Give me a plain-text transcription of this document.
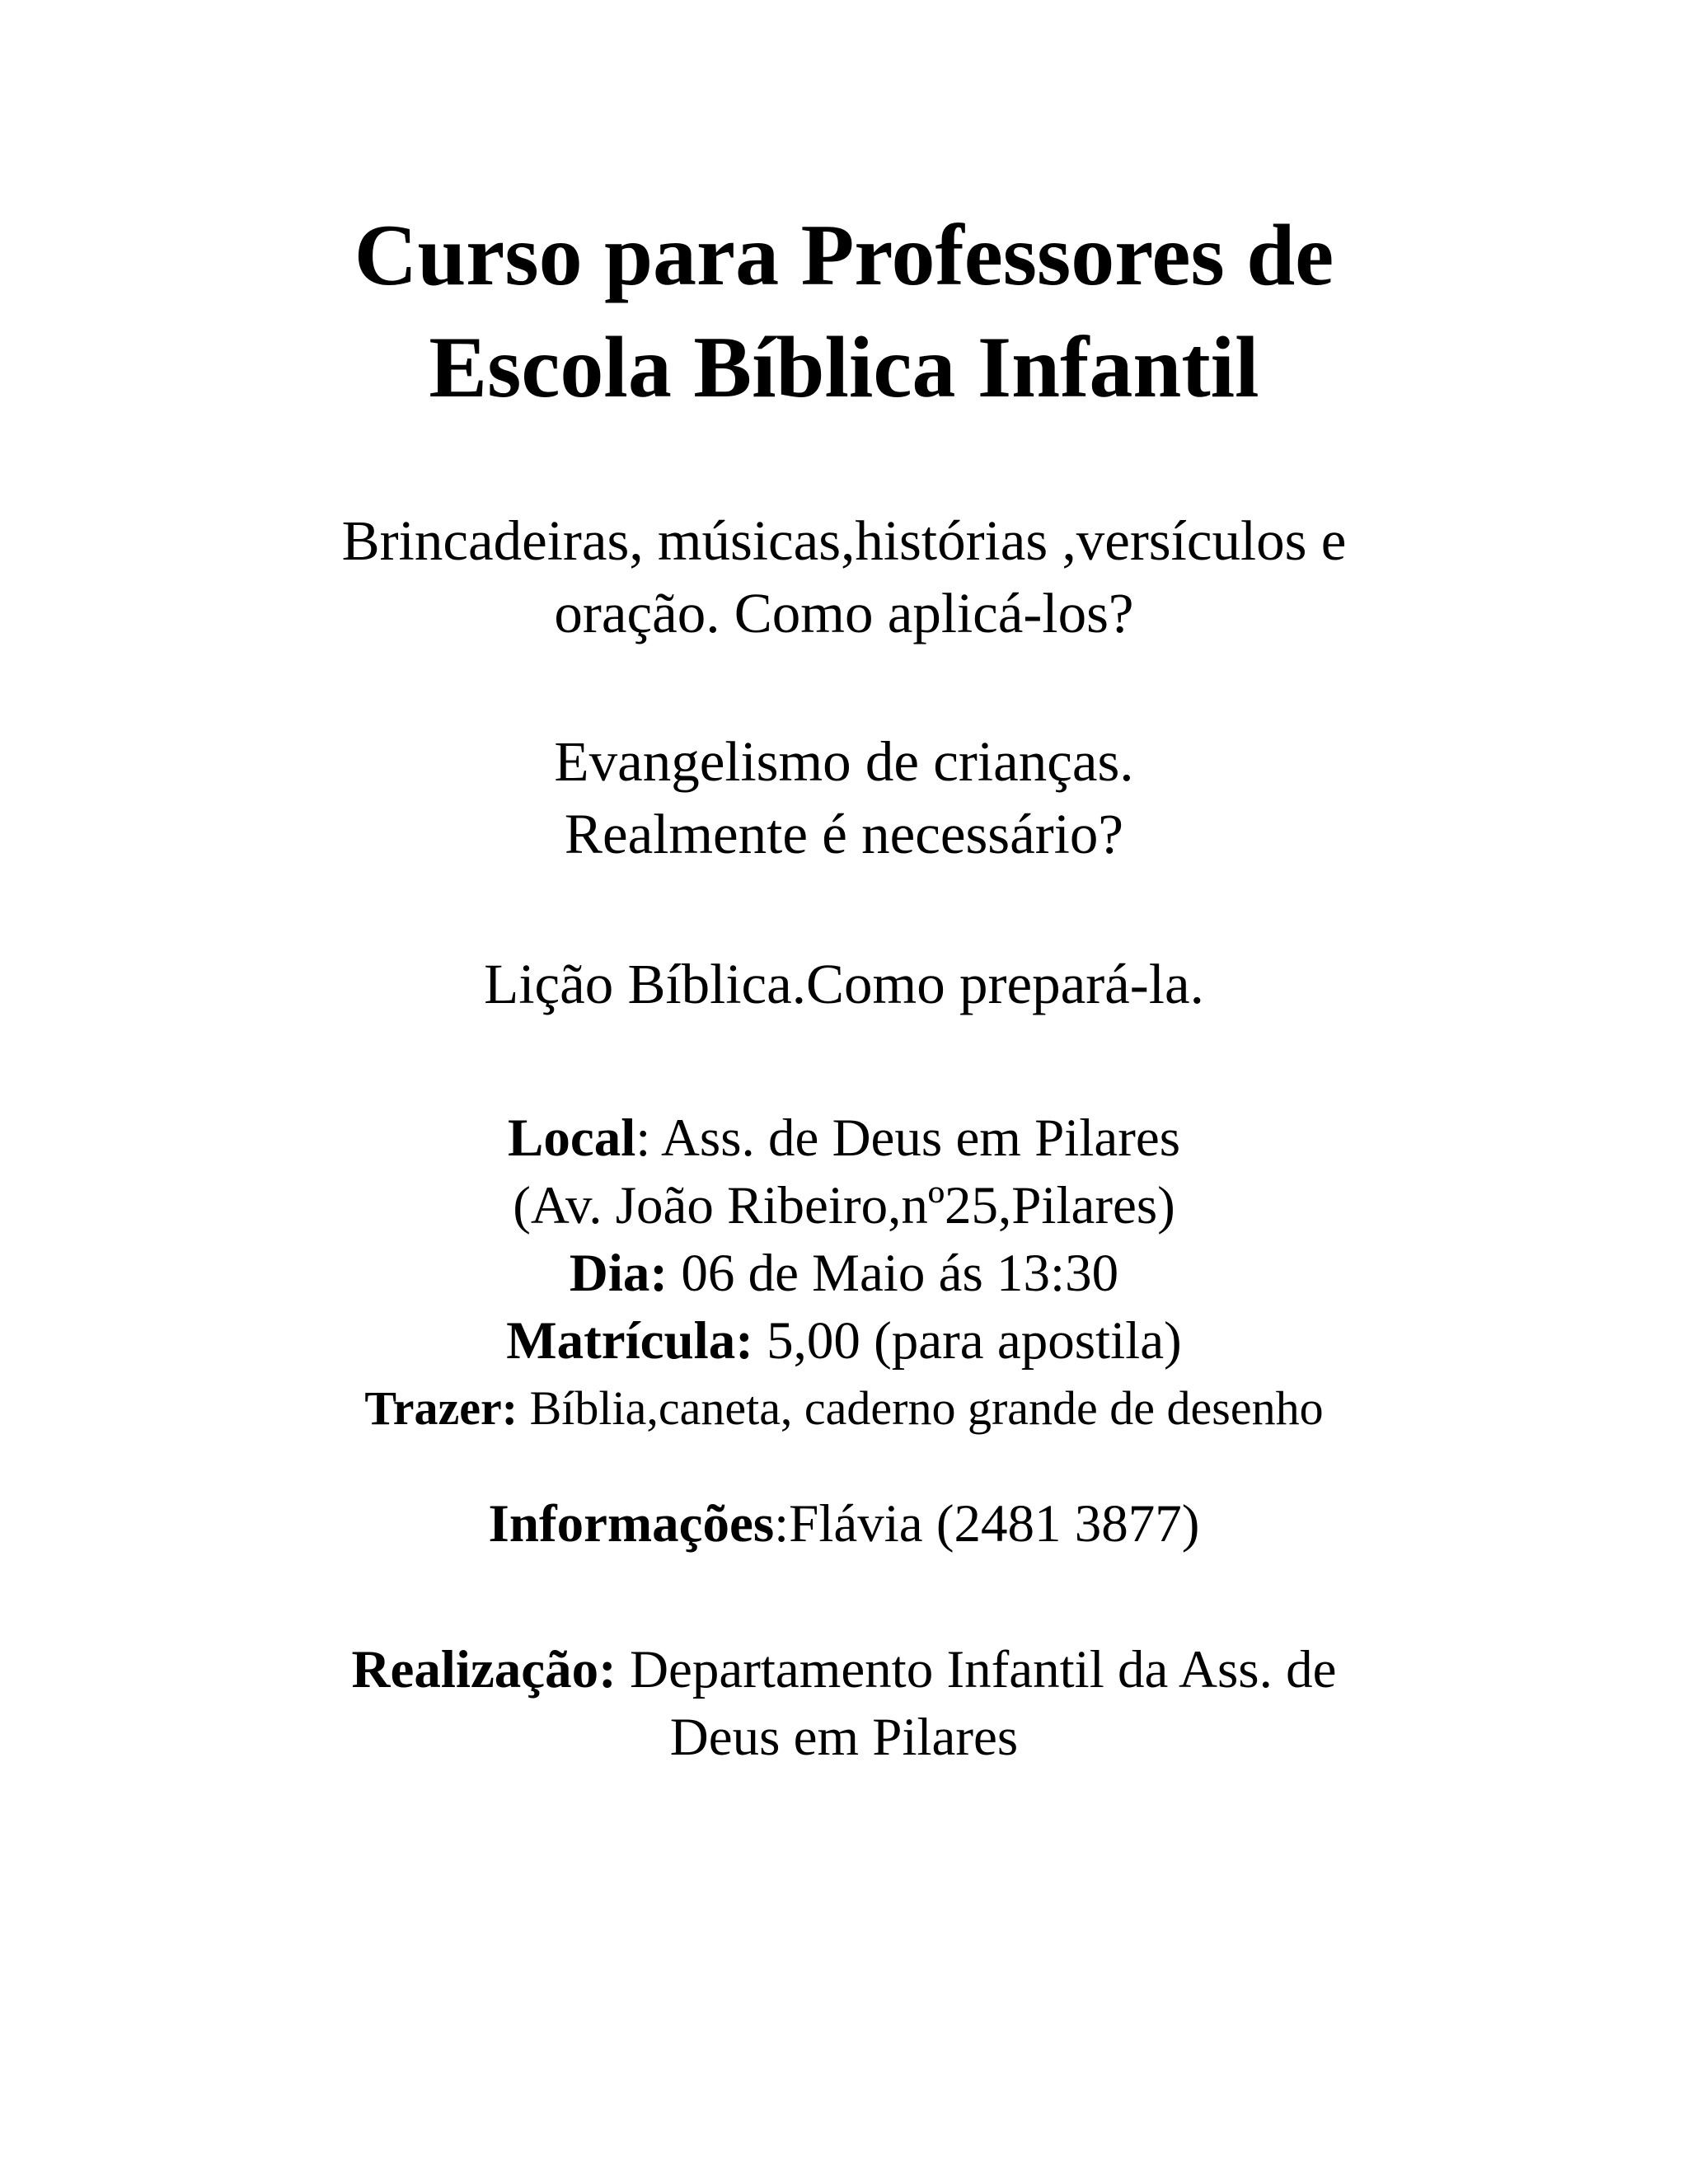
Curso para Professores de
Escola Bíblica Infantil

Brincadeiras, músicas,histórias ,versículos e
oração. Como aplicá-los?

Evangelismo de crianças.
Realmente é necessário?

Lição Bíblica.Como prepará-la.

Local: Ass. de Deus em Pilares
(Av. João Ribeiro,nº25,Pilares)
Dia: 06 de Maio ás 13:30
Matrícula: 5,00 (para apostila)
Trazer: Bíblia,caneta, caderno grande de desenho

Informações:Flávia (2481 3877)

Realização: Departamento Infantil da Ass. de
Deus em Pilares
